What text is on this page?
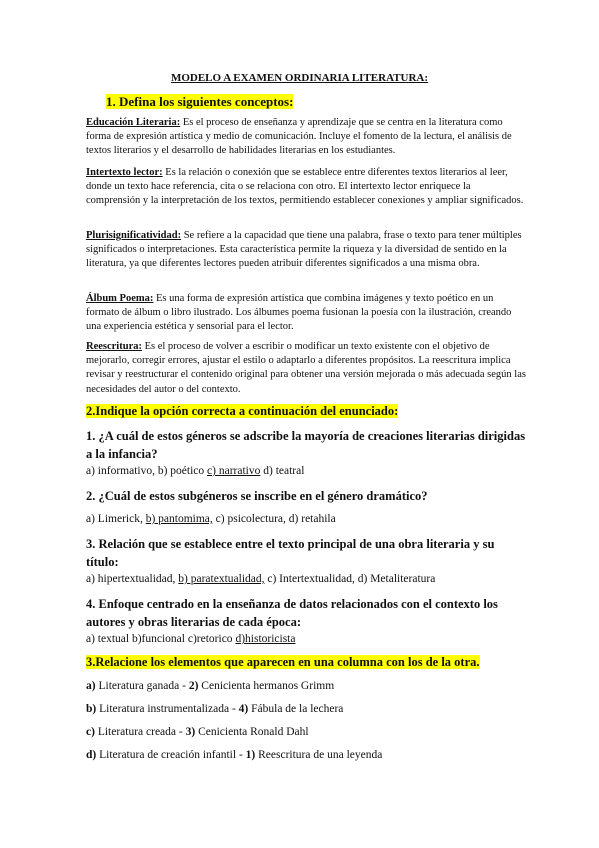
MODELO A EXAMEN ORDINARIA LITERATURA:
1. Defina los siguientes conceptos:
Educación Literaria: Es el proceso de enseñanza y aprendizaje que se centra en la literatura como forma de expresión artística y medio de comunicación. Incluye el fomento de la lectura, el análisis de textos literarios y el desarrollo de habilidades literarias en los estudiantes.
Intertexto lector: Es la relación o conexión que se establece entre diferentes textos literarios al leer, donde un texto hace referencia, cita o se relaciona con otro. El intertexto lector enriquece la comprensión y la interpretación de los textos, permitiendo establecer conexiones y ampliar significados.
Plurisignificatividad: Se refiere a la capacidad que tiene una palabra, frase o texto para tener múltiples significados o interpretaciones. Esta característica permite la riqueza y la diversidad de sentido en la literatura, ya que diferentes lectores pueden atribuir diferentes significados a una misma obra.
Álbum Poema: Es una forma de expresión artística que combina imágenes y texto poético en un formato de álbum o libro ilustrado. Los álbumes poema fusionan la poesía con la ilustración, creando una experiencia estética y sensorial para el lector.
Reescritura: Es el proceso de volver a escribir o modificar un texto existente con el objetivo de mejorarlo, corregir errores, ajustar el estilo o adaptarlo a diferentes propósitos. La reescritura implica revisar y reestructurar el contenido original para obtener una versión mejorada o más adecuada según las necesidades del autor o del contexto.
2.Indique la opción correcta a continuación del enunciado:
1. ¿A cuál de estos géneros se adscribe la mayoría de creaciones literarias dirigidas a la infancia?
a) informativo, b) poético c) narrativo d) teatral
2. ¿Cuál de estos subgéneros se inscribe en el género dramático?
a) Limerick, b) pantomima, c) psicolectura, d) retahila
3. Relación que se establece entre el texto principal de una obra literaria y su título:
a) hipertextualidad, b) paratextualidad, c) Intertextualidad, d) Metaliteratura
4. Enfoque centrado en la enseñanza de datos relacionados con el contexto los autores y obras literarias de cada época:
a) textual b)funcional c)retorico d)historicista
3.Relacione los elementos que aparecen en una columna con los de la otra.
a) Literatura ganada - 2) Cenicienta hermanos Grimm
b) Literatura instrumentalizada - 4) Fábula de la lechera
c) Literatura creada - 3) Cenicienta Ronald Dahl
d) Literatura de creación infantil - 1) Reescritura de una leyenda
